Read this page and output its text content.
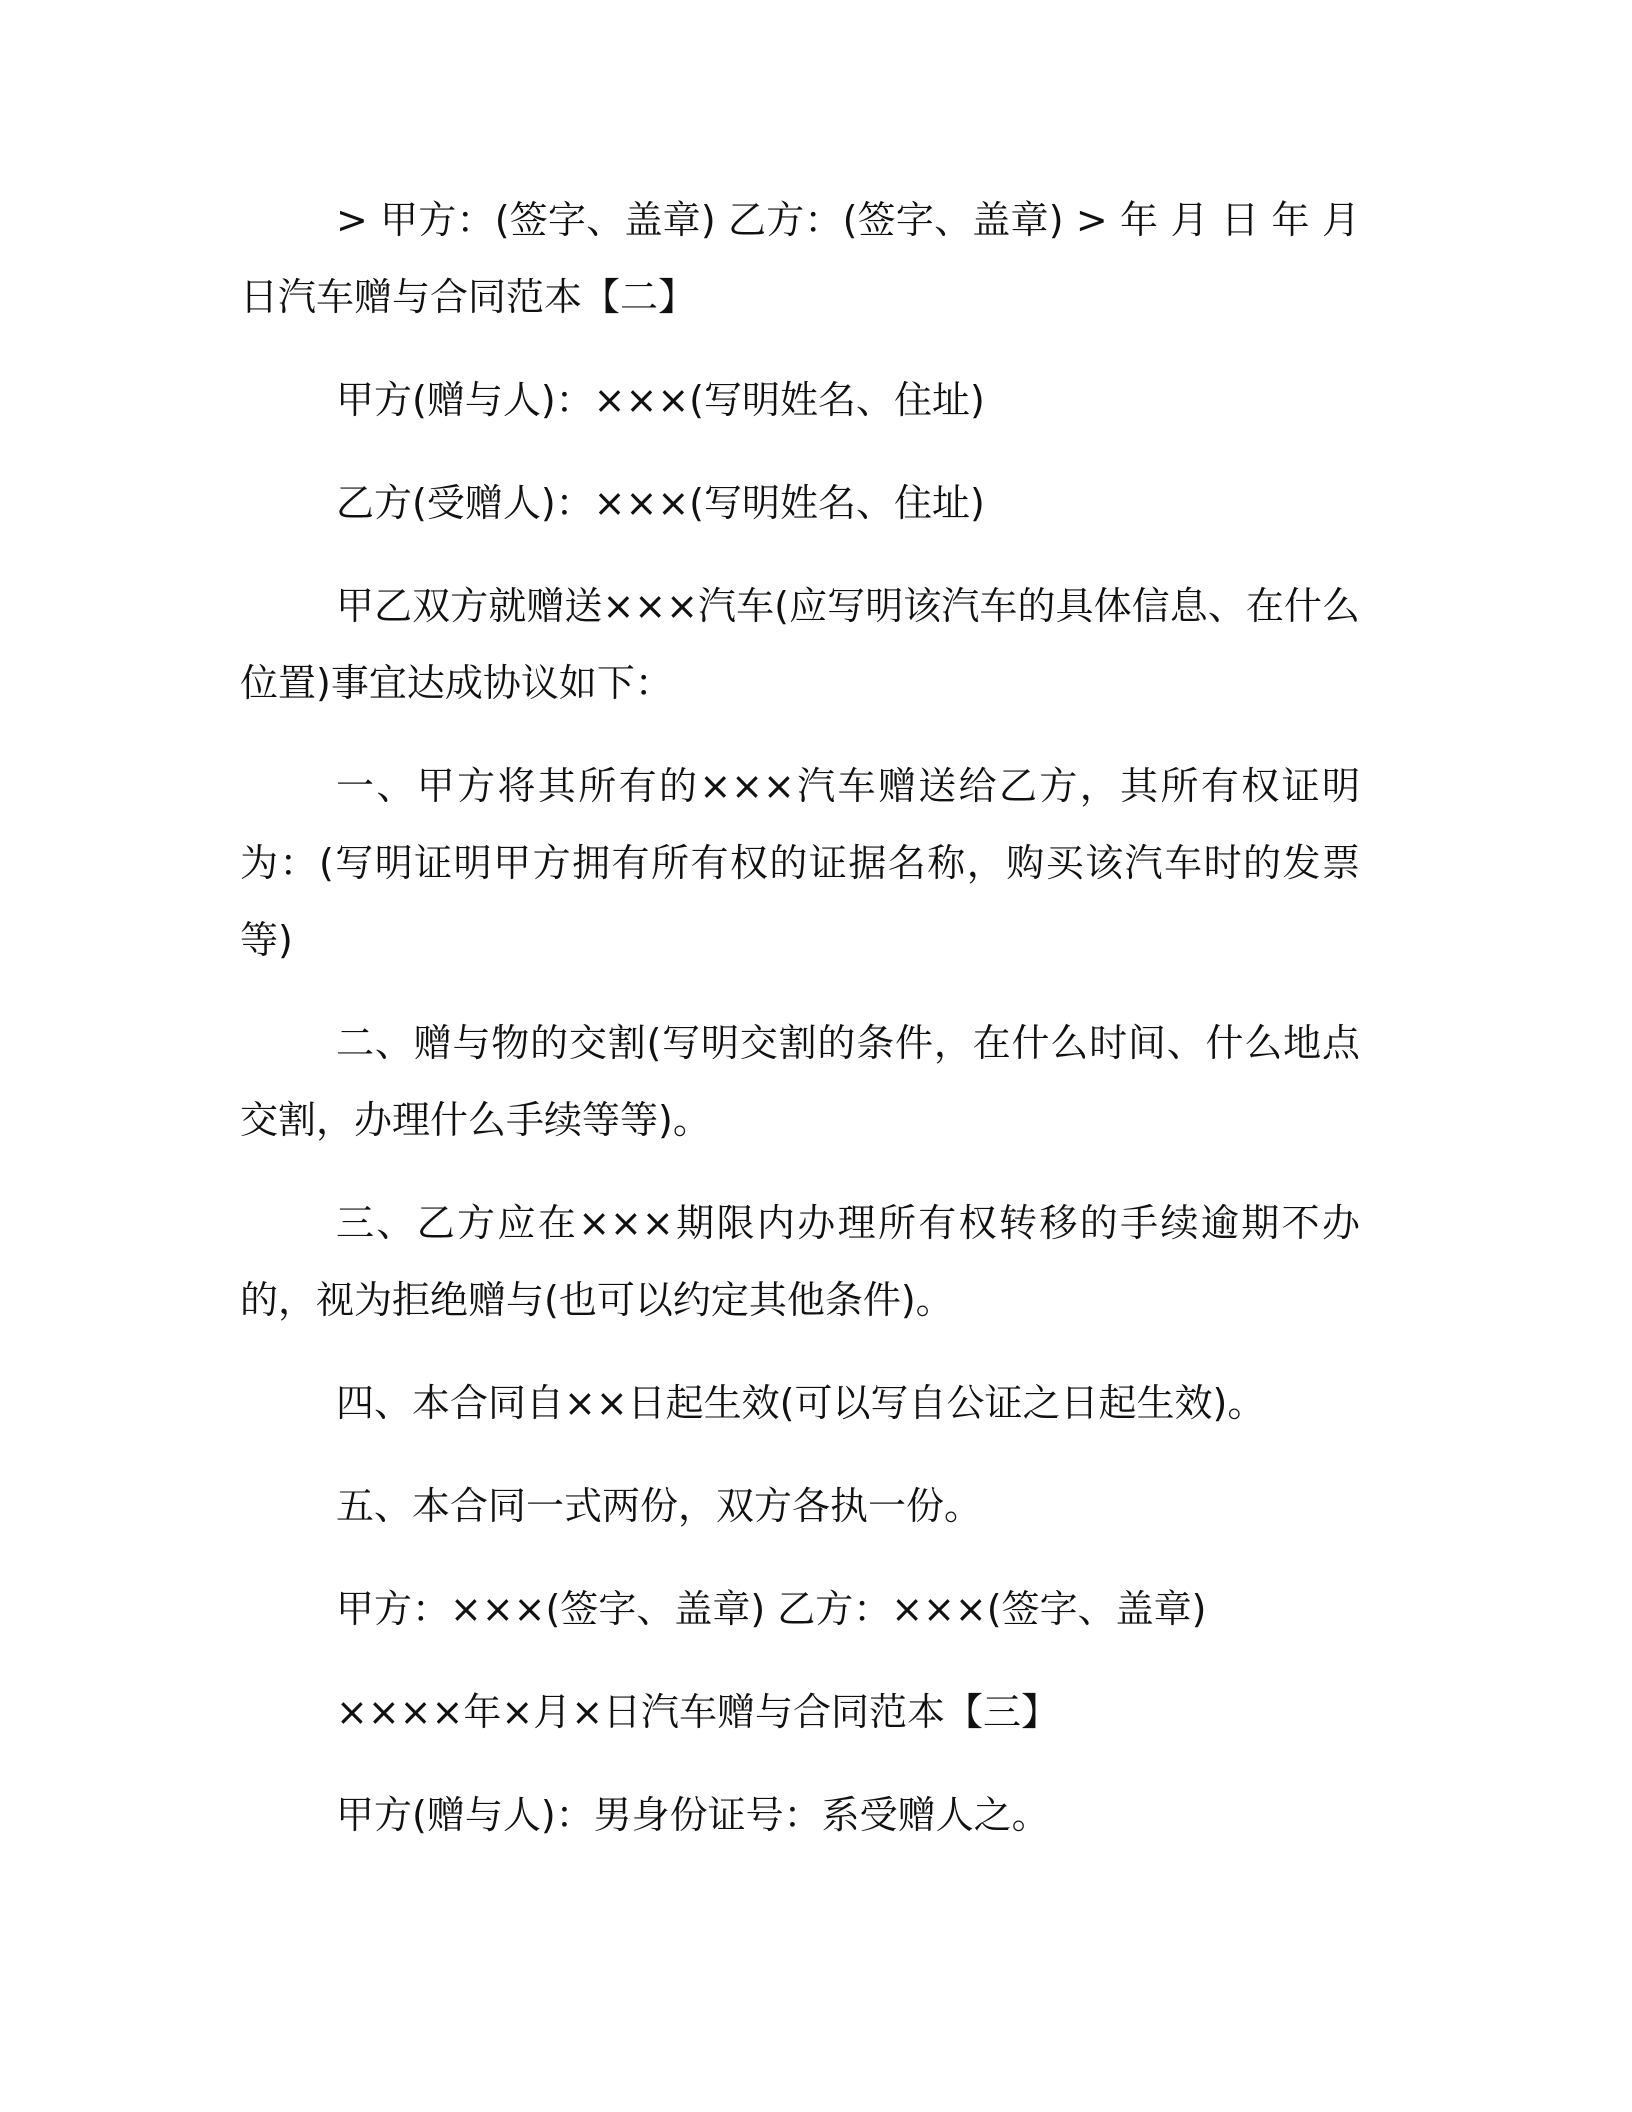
> 甲方：(签字、盖章) 乙方：(签字、盖章) > 年 月 日 年 月 日汽车赠与合同范本【二】

甲方(赠与人)：×××(写明姓名、住址)

乙方(受赠人)：×××(写明姓名、住址)

甲乙双方就赠送×××汽车(应写明该汽车的具体信息、在什么位置)事宜达成协议如下：

一、甲方将其所有的×××汽车赠送给乙方，其所有权证明为：(写明证明甲方拥有所有权的证据名称，购买该汽车时的发票等)

二、赠与物的交割(写明交割的条件，在什么时间、什么地点交割，办理什么手续等等)。

三、乙方应在×××期限内办理所有权转移的手续逾期不办的，视为拒绝赠与(也可以约定其他条件)。

四、本合同自××日起生效(可以写自公证之日起生效)。

五、本合同一式两份，双方各执一份。

甲方：×××(签字、盖章) 乙方：×××(签字、盖章)

××××年×月×日汽车赠与合同范本【三】

甲方(赠与人)：男身份证号：系受赠人之。
